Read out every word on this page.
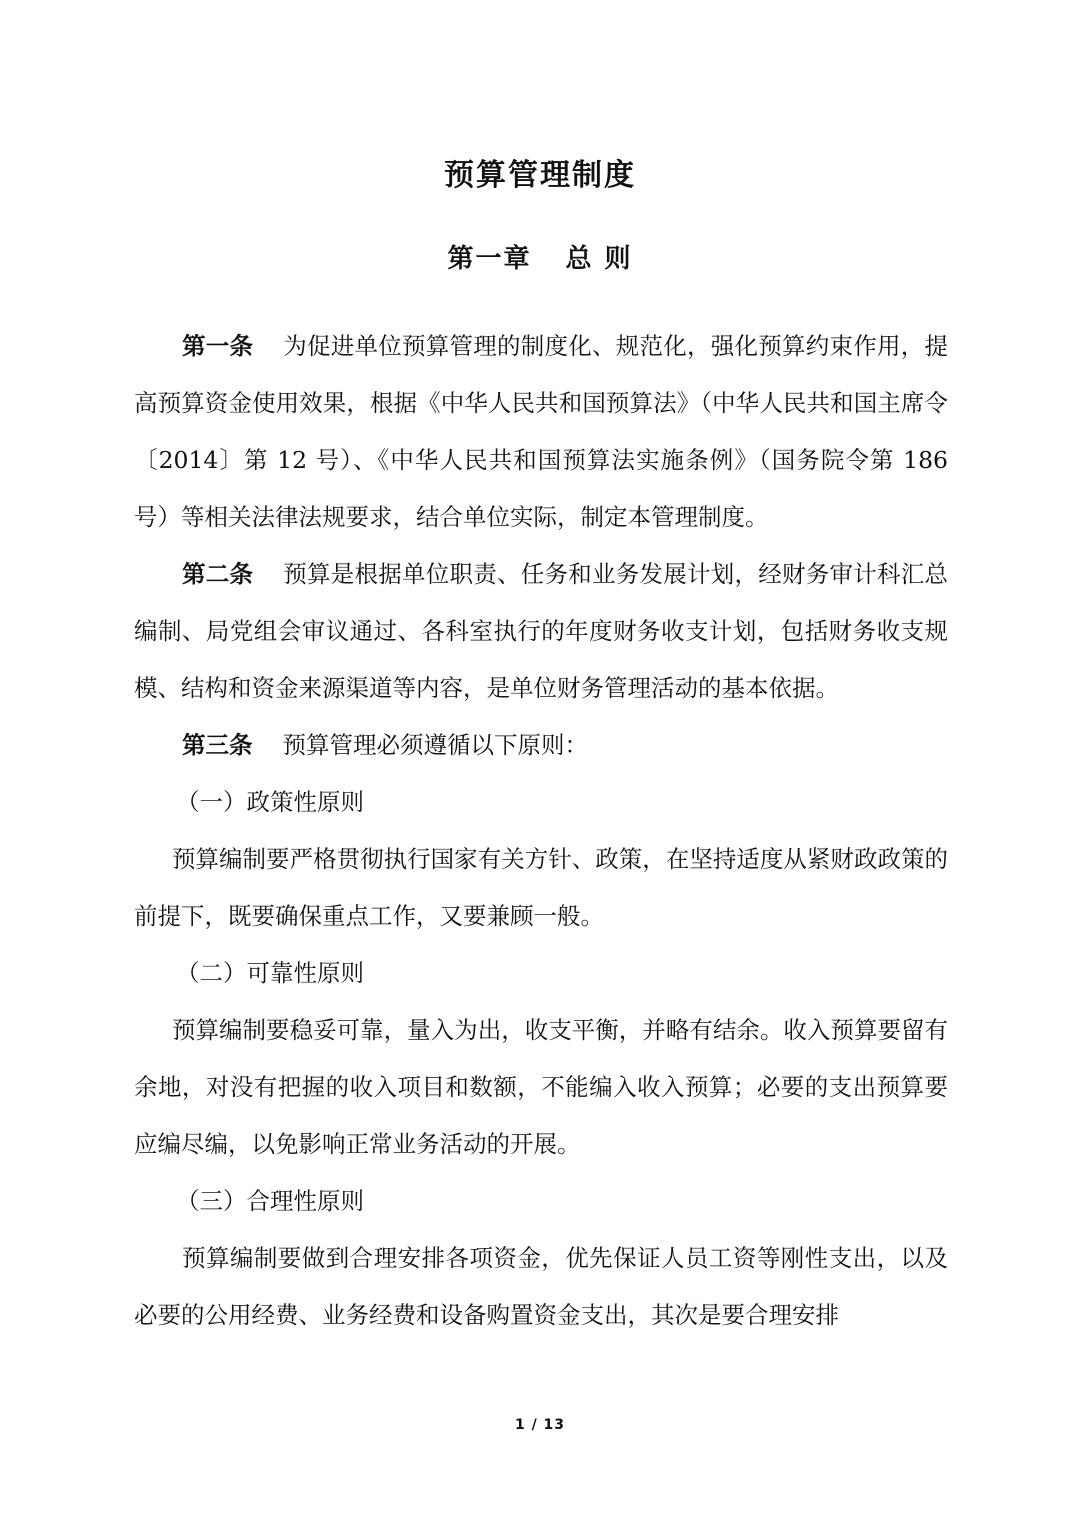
预算管理制度
第一章 总 则

第一条 为促进单位预算管理的制度化、规范化，强化预算约束作用，提高预算资金使用效果，根据《中华人民共和国预算法》（中华人民共和国主席令〔2014〕第 12 号）、《中华人民共和国预算法实施条例》（国务院令第 186 号）等相关法律法规要求，结合单位实际，制定本管理制度。

第二条 预算是根据单位职责、任务和业务发展计划，经财务审计科汇总编制、局党组会审议通过、各科室执行的年度财务收支计划，包括财务收支规模、结构和资金来源渠道等内容，是单位财务管理活动的基本依据。

第三条 预算管理必须遵循以下原则：

（一）政策性原则

预算编制要严格贯彻执行国家有关方针、政策，在坚持适度从紧财政政策的前提下，既要确保重点工作，又要兼顾一般。

（二）可靠性原则

预算编制要稳妥可靠，量入为出，收支平衡，并略有结余。收入预算要留有余地，对没有把握的收入项目和数额，不能编入收入预算；必要的支出预算要应编尽编，以免影响正常业务活动的开展。

（三）合理性原则

预算编制要做到合理安排各项资金，优先保证人员工资等刚性支出，以及必要的公用经费、业务经费和设备购置资金支出，其次是要合理安排

1 / 13
